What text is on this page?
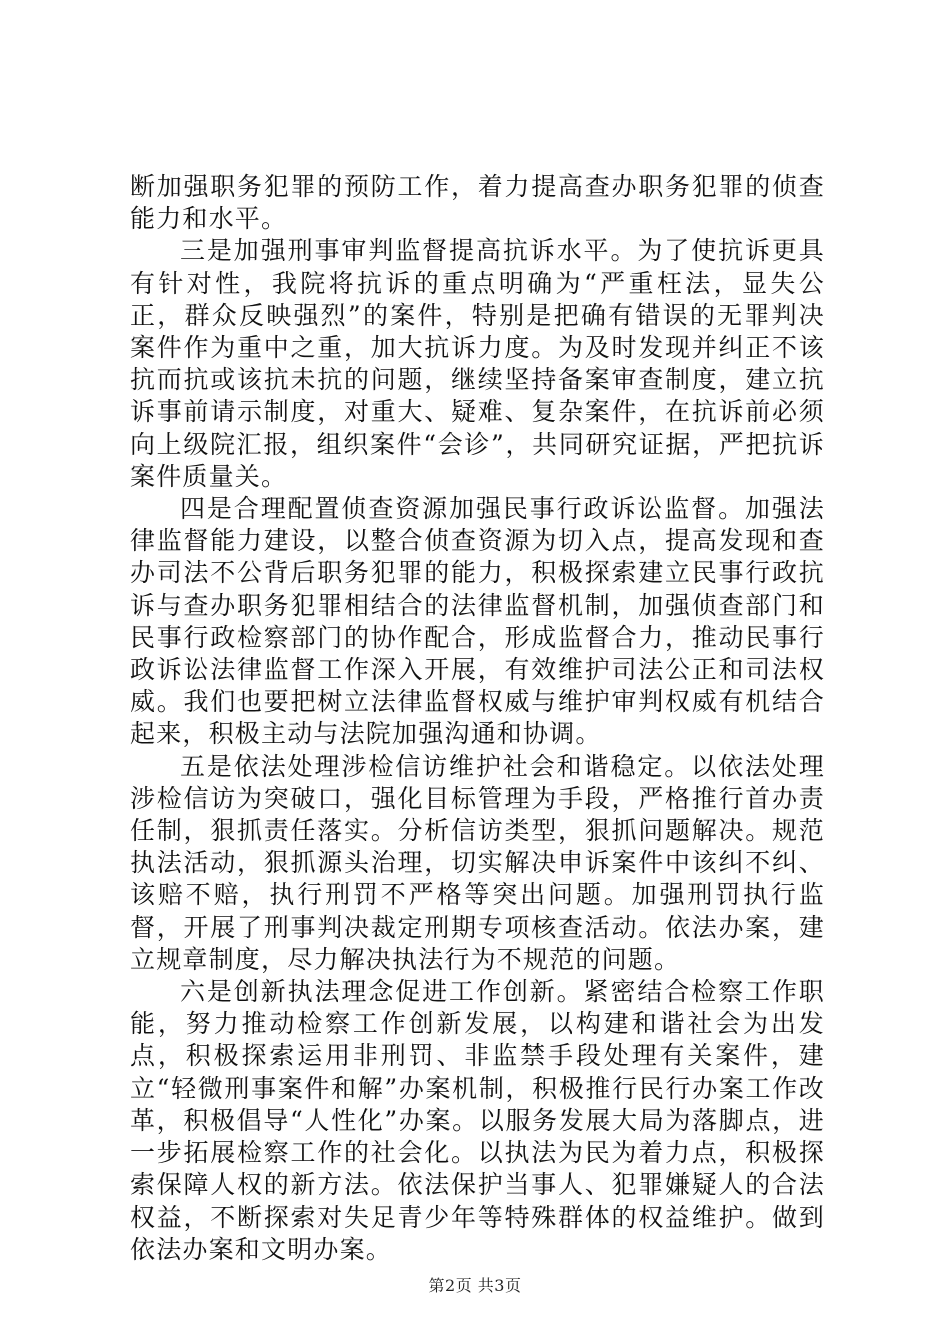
断加强职务犯罪的预防工作，着力提高查办职务犯罪的侦查能力和水平。

三是加强刑事审判监督提高抗诉水平。为了使抗诉更具有针对性，我院将抗诉的重点明确为“严重枉法，显失公正，群众反映强烈”的案件，特别是把确有错误的无罪判决案件作为重中之重，加大抗诉力度。为及时发现并纠正不该抗而抗或该抗未抗的问题，继续坚持备案审查制度，建立抗诉事前请示制度，对重大、疑难、复杂案件，在抗诉前必须向上级院汇报，组织案件“会诊”，共同研究证据，严把抗诉案件质量关。

四是合理配置侦查资源加强民事行政诉讼监督。加强法律监督能力建设，以整合侦查资源为切入点，提高发现和查办司法不公背后职务犯罪的能力，积极探索建立民事行政抗诉与查办职务犯罪相结合的法律监督机制，加强侦查部门和民事行政检察部门的协作配合，形成监督合力，推动民事行政诉讼法律监督工作深入开展，有效维护司法公正和司法权威。我们也要把树立法律监督权威与维护审判权威有机结合起来，积极主动与法院加强沟通和协调。

五是依法处理涉检信访维护社会和谐稳定。以依法处理涉检信访为突破口，强化目标管理为手段，严格推行首办责任制，狠抓责任落实。分析信访类型，狠抓问题解决。规范执法活动，狠抓源头治理，切实解决申诉案件中该纠不纠、该赔不赔，执行刑罚不严格等突出问题。加强刑罚执行监督，开展了刑事判决裁定刑期专项核查活动。依法办案，建立规章制度，尽力解决执法行为不规范的问题。

六是创新执法理念促进工作创新。紧密结合检察工作职能，努力推动检察工作创新发展，以构建和谐社会为出发点，积极探索运用非刑罚、非监禁手段处理有关案件，建立“轻微刑事案件和解”办案机制，积极推行民行办案工作改革，积极倡导“人性化”办案。以服务发展大局为落脚点，进一步拓展检察工作的社会化。以执法为民为着力点，积极探索保障人权的新方法。依法保护当事人、犯罪嫌疑人的合法权益，不断探索对失足青少年等特殊群体的权益维护。做到依法办案和文明办案。

第2页 共3页
